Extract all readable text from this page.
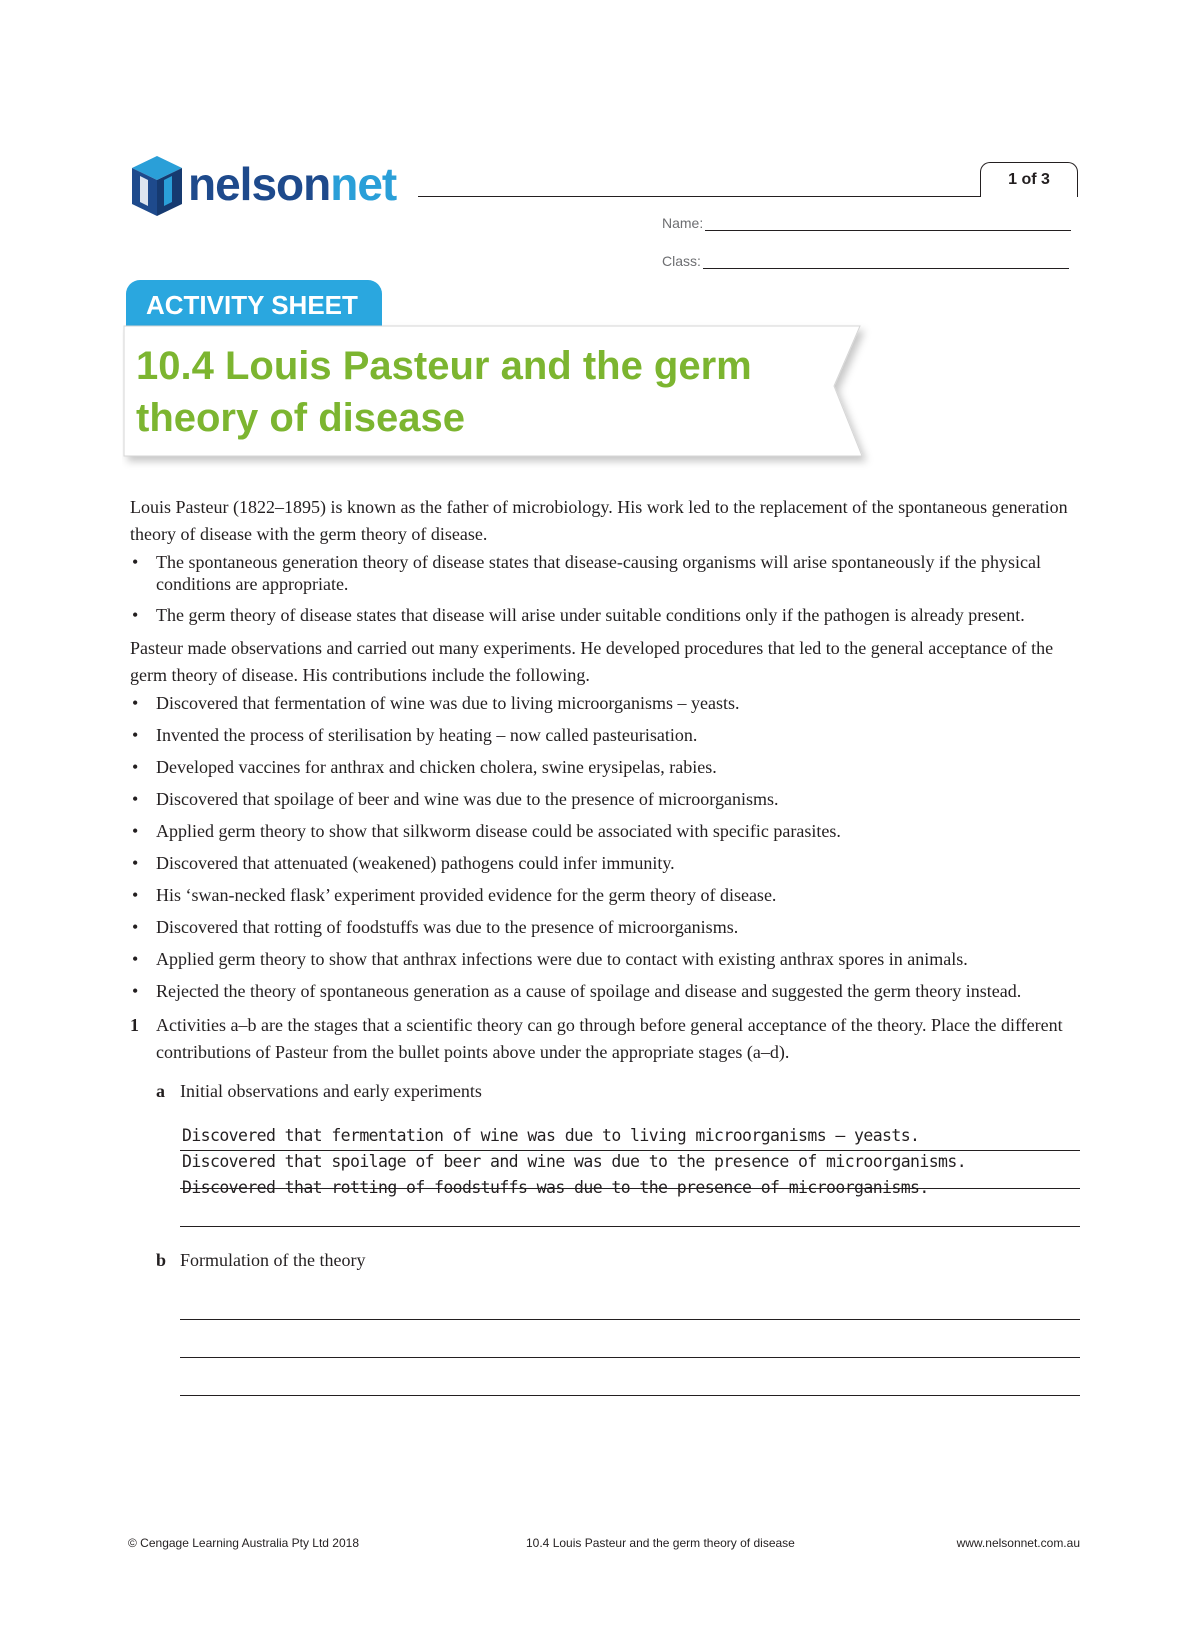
nelsonnet	1 of 3
Name:
Class:
ACTIVITY SHEET
10.4 Louis Pasteur and the germ theory of disease

Louis Pasteur (1822–1895) is known as the father of microbiology. His work led to the replacement of the spontaneous generation theory of disease with the germ theory of disease.

• The spontaneous generation theory of disease states that disease-causing organisms will arise spontaneously if the physical conditions are appropriate.
• The germ theory of disease states that disease will arise under suitable conditions only if the pathogen is already present.

Pasteur made observations and carried out many experiments. He developed procedures that led to the general acceptance of the germ theory of disease. His contributions include the following.

• Discovered that fermentation of wine was due to living microorganisms – yeasts.
• Invented the process of sterilisation by heating – now called pasteurisation.
• Developed vaccines for anthrax and chicken cholera, swine erysipelas, rabies.
• Discovered that spoilage of beer and wine was due to the presence of microorganisms.
• Applied germ theory to show that silkworm disease could be associated with specific parasites.
• Discovered that attenuated (weakened) pathogens could infer immunity.
• His ‘swan-necked flask’ experiment provided evidence for the germ theory of disease.
• Discovered that rotting of foodstuffs was due to the presence of microorganisms.
• Applied germ theory to show that anthrax infections were due to contact with existing anthrax spores in animals.
• Rejected the theory of spontaneous generation as a cause of spoilage and disease and suggested the germ theory instead.
1 Activities a–b are the stages that a scientific theory can go through before general acceptance of the theory. Place the different contributions of Pasteur from the bullet points above under the appropriate stages (a–d).
a Initial observations and early experiments
Discovered that fermentation of wine was due to living microorganisms – yeasts. Discovered that spoilage of beer and wine was due to the presence of microorganisms. Discovered that rotting of foodstuffs was due to the presence of microorganisms.
b Formulation of the theory
© Cengage Learning Australia Pty Ltd 2018	10.4 Louis Pasteur and the germ theory of disease	www.nelsonnet.com.au
